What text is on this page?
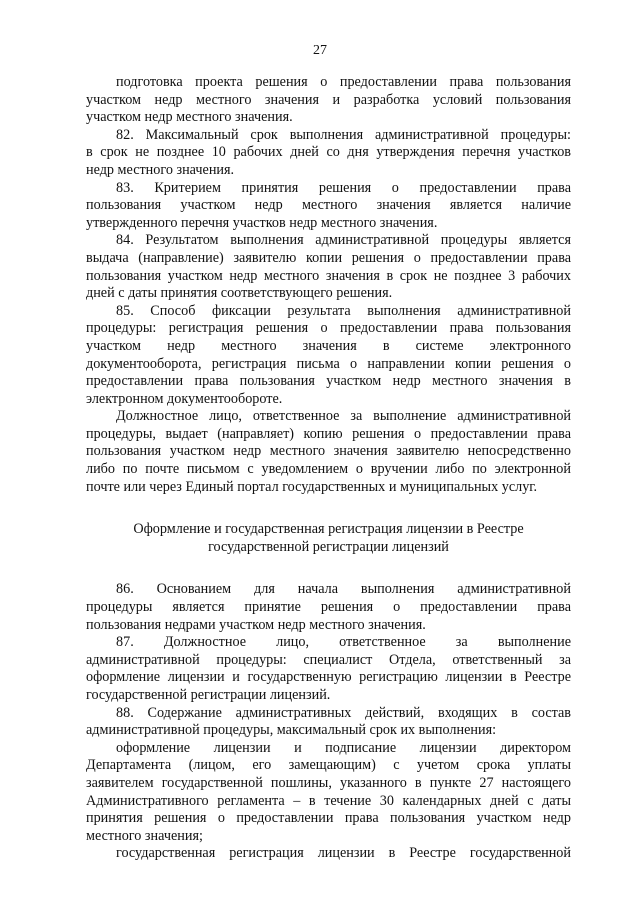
27
подготовка проекта решения о предоставлении права пользования
участком недр местного значения и разработка условий пользования
участком недр местного значения.
82. Максимальный срок выполнения административной процедуры:
в срок не позднее 10 рабочих дней со дня утверждения перечня участков
недр местного значения.
83. Критерием принятия решения о предоставлении права
пользования участком недр местного значения является наличие
утвержденного перечня участков недр местного значения.
84. Результатом выполнения административной процедуры является
выдача (направление) заявителю копии решения о предоставлении права
пользования участком недр местного значения в срок не позднее 3 рабочих
дней с даты принятия соответствующего решения.
85. Способ фиксации результата выполнения административной
процедуры: регистрация решения о предоставлении права пользования
участком недр местного значения в системе электронного
документооборота, регистрация письма о направлении копии решения о
предоставлении права пользования участком недр местного значения в
электронном документообороте.
Должностное лицо, ответственное за выполнение административной
процедуры, выдает (направляет) копию решения о предоставлении права
пользования участком недр местного значения заявителю непосредственно
либо по почте письмом с уведомлением о вручении либо по электронной
почте или через Единый портал государственных и муниципальных услуг.
Оформление и государственная регистрация лицензии в Реестре
государственной регистрации лицензий
86. Основанием для начала выполнения административной
процедуры является принятие решения о предоставлении права
пользования недрами участком недр местного значения.
87. Должностное лицо, ответственное за выполнение
административной процедуры: специалист Отдела, ответственный за
оформление лицензии и государственную регистрацию лицензии в Реестре
государственной регистрации лицензий.
88. Содержание административных действий, входящих в состав
административной процедуры, максимальный срок их выполнения:
оформление лицензии и подписание лицензии директором
Департамента (лицом, его замещающим) с учетом срока уплаты
заявителем государственной пошлины, указанного в пункте 27 настоящего
Административного регламента – в течение 30 календарных дней с даты
принятия решения о предоставлении права пользования участком недр
местного значения;
государственная регистрация лицензии в Реестре государственной
